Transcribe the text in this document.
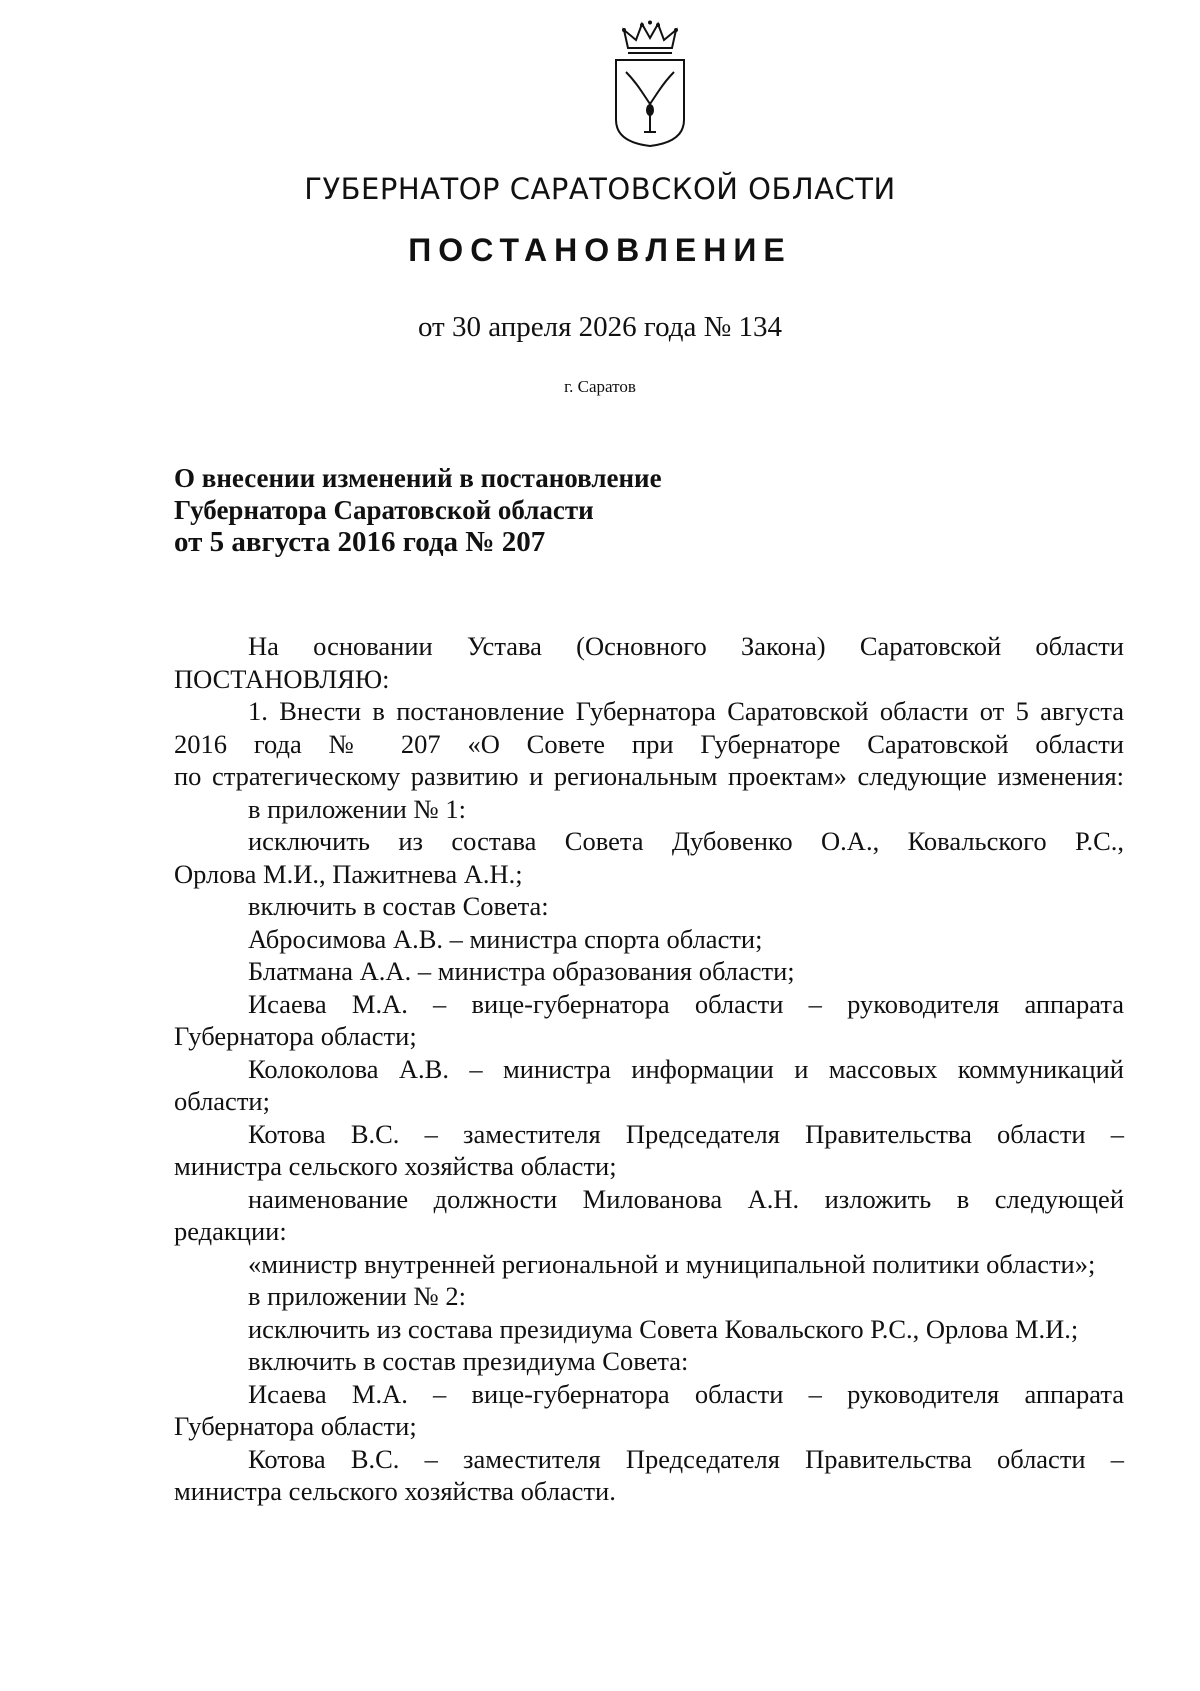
ГУБЕРНАТОР САРАТОВСКОЙ ОБЛАСТИ
ПОСТАНОВЛЕНИЕ
от 30 апреля 2026 года № 134
г. Саратов
О внесении изменений в постановление
Губернатора Саратовской области
от 5 августа 2016 года № 207

На основании Устава (Основного Закона) Саратовской области

ПОСТАНОВЛЯЮ:

1. Внести в постановление Губернатора Саратовской области от 5 августа

2016 года № 207 «О Совете при Губернаторе Саратовской области

по стратегическому развитию и региональным проектам» следующие изменения:

в приложении № 1:

исключить из состава Совета Дубовенко О.А., Ковальского Р.С.,

Орлова М.И., Пажитнева А.Н.;

включить в состав Совета:

Абросимова А.В. – министра спорта области;

Блатмана А.А. – министра образования области;

Исаева М.А. – вице-губернатора области – руководителя аппарата

Губернатора области;

Колоколова А.В. – министра информации и массовых коммуникаций

области;

Котова В.С. – заместителя Председателя Правительства области –

министра сельского хозяйства области;

наименование должности Милованова А.Н. изложить в следующей

редакции:

«министр внутренней региональной и муниципальной политики области»;

в приложении № 2:

исключить из состава президиума Совета Ковальского Р.С., Орлова М.И.;

включить в состав президиума Совета:

Исаева М.А. – вице-губернатора области – руководителя аппарата

Губернатора области;

Котова В.С. – заместителя Председателя Правительства области –

министра сельского хозяйства области.
